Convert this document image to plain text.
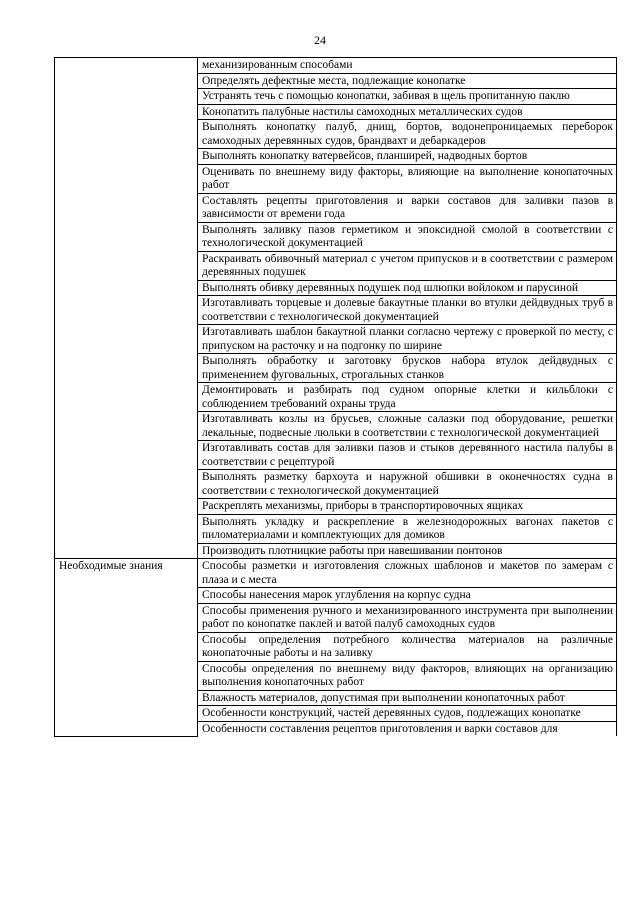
24
	механизированным способами
	Определять дефектные места, подлежащие конопатке
	Устранять течь с помощью конопатки, забивая в щель пропитанную паклю
	Конопатить палубные настилы самоходных металлических судов
	Выполнять конопатку палуб, днищ, бортов, водонепроницаемых переборок самоходных деревянных судов, брандвахт и дебаркадеров
	Выполнять конопатку ватервейсов, планширей, надводных бортов
	Оценивать по внешнему виду факторы, влияющие на выполнение конопаточных работ
	Составлять рецепты приготовления и варки составов для заливки пазов в зависимости от времени года
	Выполнять заливку пазов герметиком и эпоксидной смолой в соответствии с технологической документацией
	Раскраивать обивочный материал с учетом припусков и в соответствии с размером деревянных подушек
	Выполнять обивку деревянных подушек под шлюпки войлоком и парусиной
	Изготавливать торцевые и долевые бакаутные планки во втулки дейдвудных труб в соответствии с технологической документацией
	Изготавливать шаблон бакаутной планки согласно чертежу с проверкой по месту, с припуском на расточку и на подгонку по ширине
	Выполнять обработку и заготовку брусков набора втулок дейдвудных с применением фуговальных, строгальных станков
	Демонтировать и разбирать под судном опорные клетки и кильблоки с соблюдением требований охраны труда
	Изготавливать козлы из брусьев, сложные салазки под оборудование, решетки лекальные, подвесные люльки в соответствии с технологической документацией
	Изготавливать состав для заливки пазов и стыков деревянного настила палубы в соответствии с рецептурой
	Выполнять разметку бархоута и наружной обшивки в оконечностях судна в соответствии с технологической документацией
	Раскреплять механизмы, приборы в транспортировочных ящиках
	Выполнять укладку и раскрепление в железнодорожных вагонах пакетов с пиломатериалами и комплектующих для домиков
	Производить плотницкие работы при навешивании понтонов
Необходимые знания	Способы разметки и изготовления сложных шаблонов и макетов по замерам с плаза и с места
	Способы нанесения марок углубления на корпус судна
	Способы применения ручного и механизированного инструмента при выполнении работ по конопатке паклей и ватой палуб самоходных судов
	Способы определения потребного количества материалов на различные конопаточные работы и на заливку
	Способы определения по внешнему виду факторов, влияющих на организацию выполнения конопаточных работ
	Влажность материалов, допустимая при выполнении конопаточных работ
	Особенности конструкций, частей деревянных судов, подлежащих конопатке
	Особенности составления рецептов приготовления и варки составов для
